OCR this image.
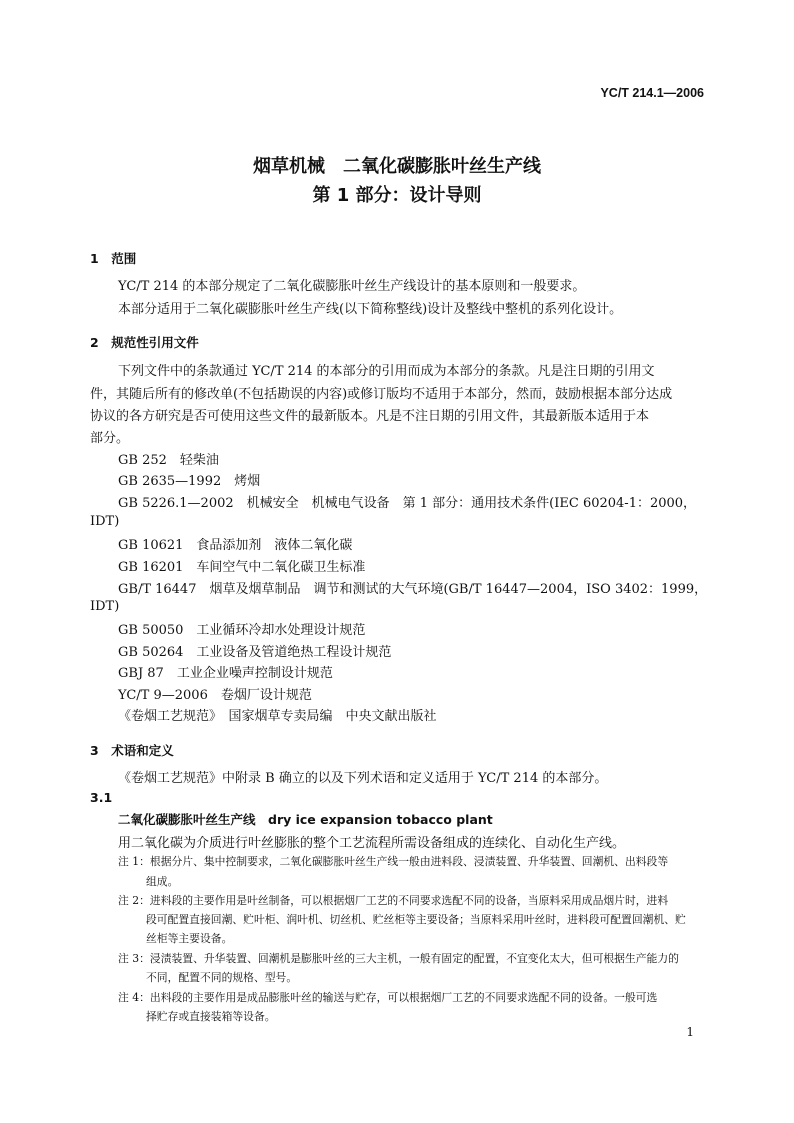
YC/T 214.1—2006
烟草机械　二氧化碳膨胀叶丝生产线
第 1 部分：设计导则
1　范围
YC/T 214 的本部分规定了二氧化碳膨胀叶丝生产线设计的基本原则和一般要求。
本部分适用于二氧化碳膨胀叶丝生产线(以下简称整线)设计及整线中整机的系列化设计。
2　规范性引用文件
下列文件中的条款通过 YC/T 214 的本部分的引用而成为本部分的条款。凡是注日期的引用文
件，其随后所有的修改单(不包括勘误的内容)或修订版均不适用于本部分，然而，鼓励根据本部分达成
协议的各方研究是否可使用这些文件的最新版本。凡是不注日期的引用文件，其最新版本适用于本
部分。
GB 252　轻柴油
GB 2635—1992　烤烟
GB 5226.1—2002　机械安全　机械电气设备　第 1 部分：通用技术条件(IEC 60204-1：2000，
IDT)
GB 10621　食品添加剂　液体二氧化碳
GB 16201　车间空气中二氧化碳卫生标准
GB/T 16447　烟草及烟草制品　调节和测试的大气环境(GB/T 16447—2004，ISO 3402：1999，
IDT)
GB 50050　工业循环冷却水处理设计规范
GB 50264　工业设备及管道绝热工程设计规范
GBJ 87　工业企业噪声控制设计规范
YC/T 9—2006　卷烟厂设计规范
《卷烟工艺规范》　国家烟草专卖局编　中央文献出版社
3　术语和定义
《卷烟工艺规范》中附录 B 确立的以及下列术语和定义适用于 YC/T 214 的本部分。
3.1
二氧化碳膨胀叶丝生产线　dry ice expansion tobacco plant
用二氧化碳为介质进行叶丝膨胀的整个工艺流程所需设备组成的连续化、自动化生产线。
注 1：根据分片、集中控制要求，二氧化碳膨胀叶丝生产线一般由进料段、浸渍装置、升华装置、回潮机、出料段等
组成。
注 2：进料段的主要作用是叶丝制备，可以根据烟厂工艺的不同要求选配不同的设备，当原料采用成品烟片时，进料
段可配置直接回潮、贮叶柜、润叶机、切丝机、贮丝柜等主要设备；当原料采用叶丝时，进料段可配置回潮机、贮
丝柜等主要设备。
注 3：浸渍装置、升华装置、回潮机是膨胀叶丝的三大主机，一般有固定的配置，不宜变化太大，但可根据生产能力的
不同，配置不同的规格、型号。
注 4：出料段的主要作用是成品膨胀叶丝的输送与贮存，可以根据烟厂工艺的不同要求选配不同的设备。一般可选
择贮存或直接装箱等设备。
1
